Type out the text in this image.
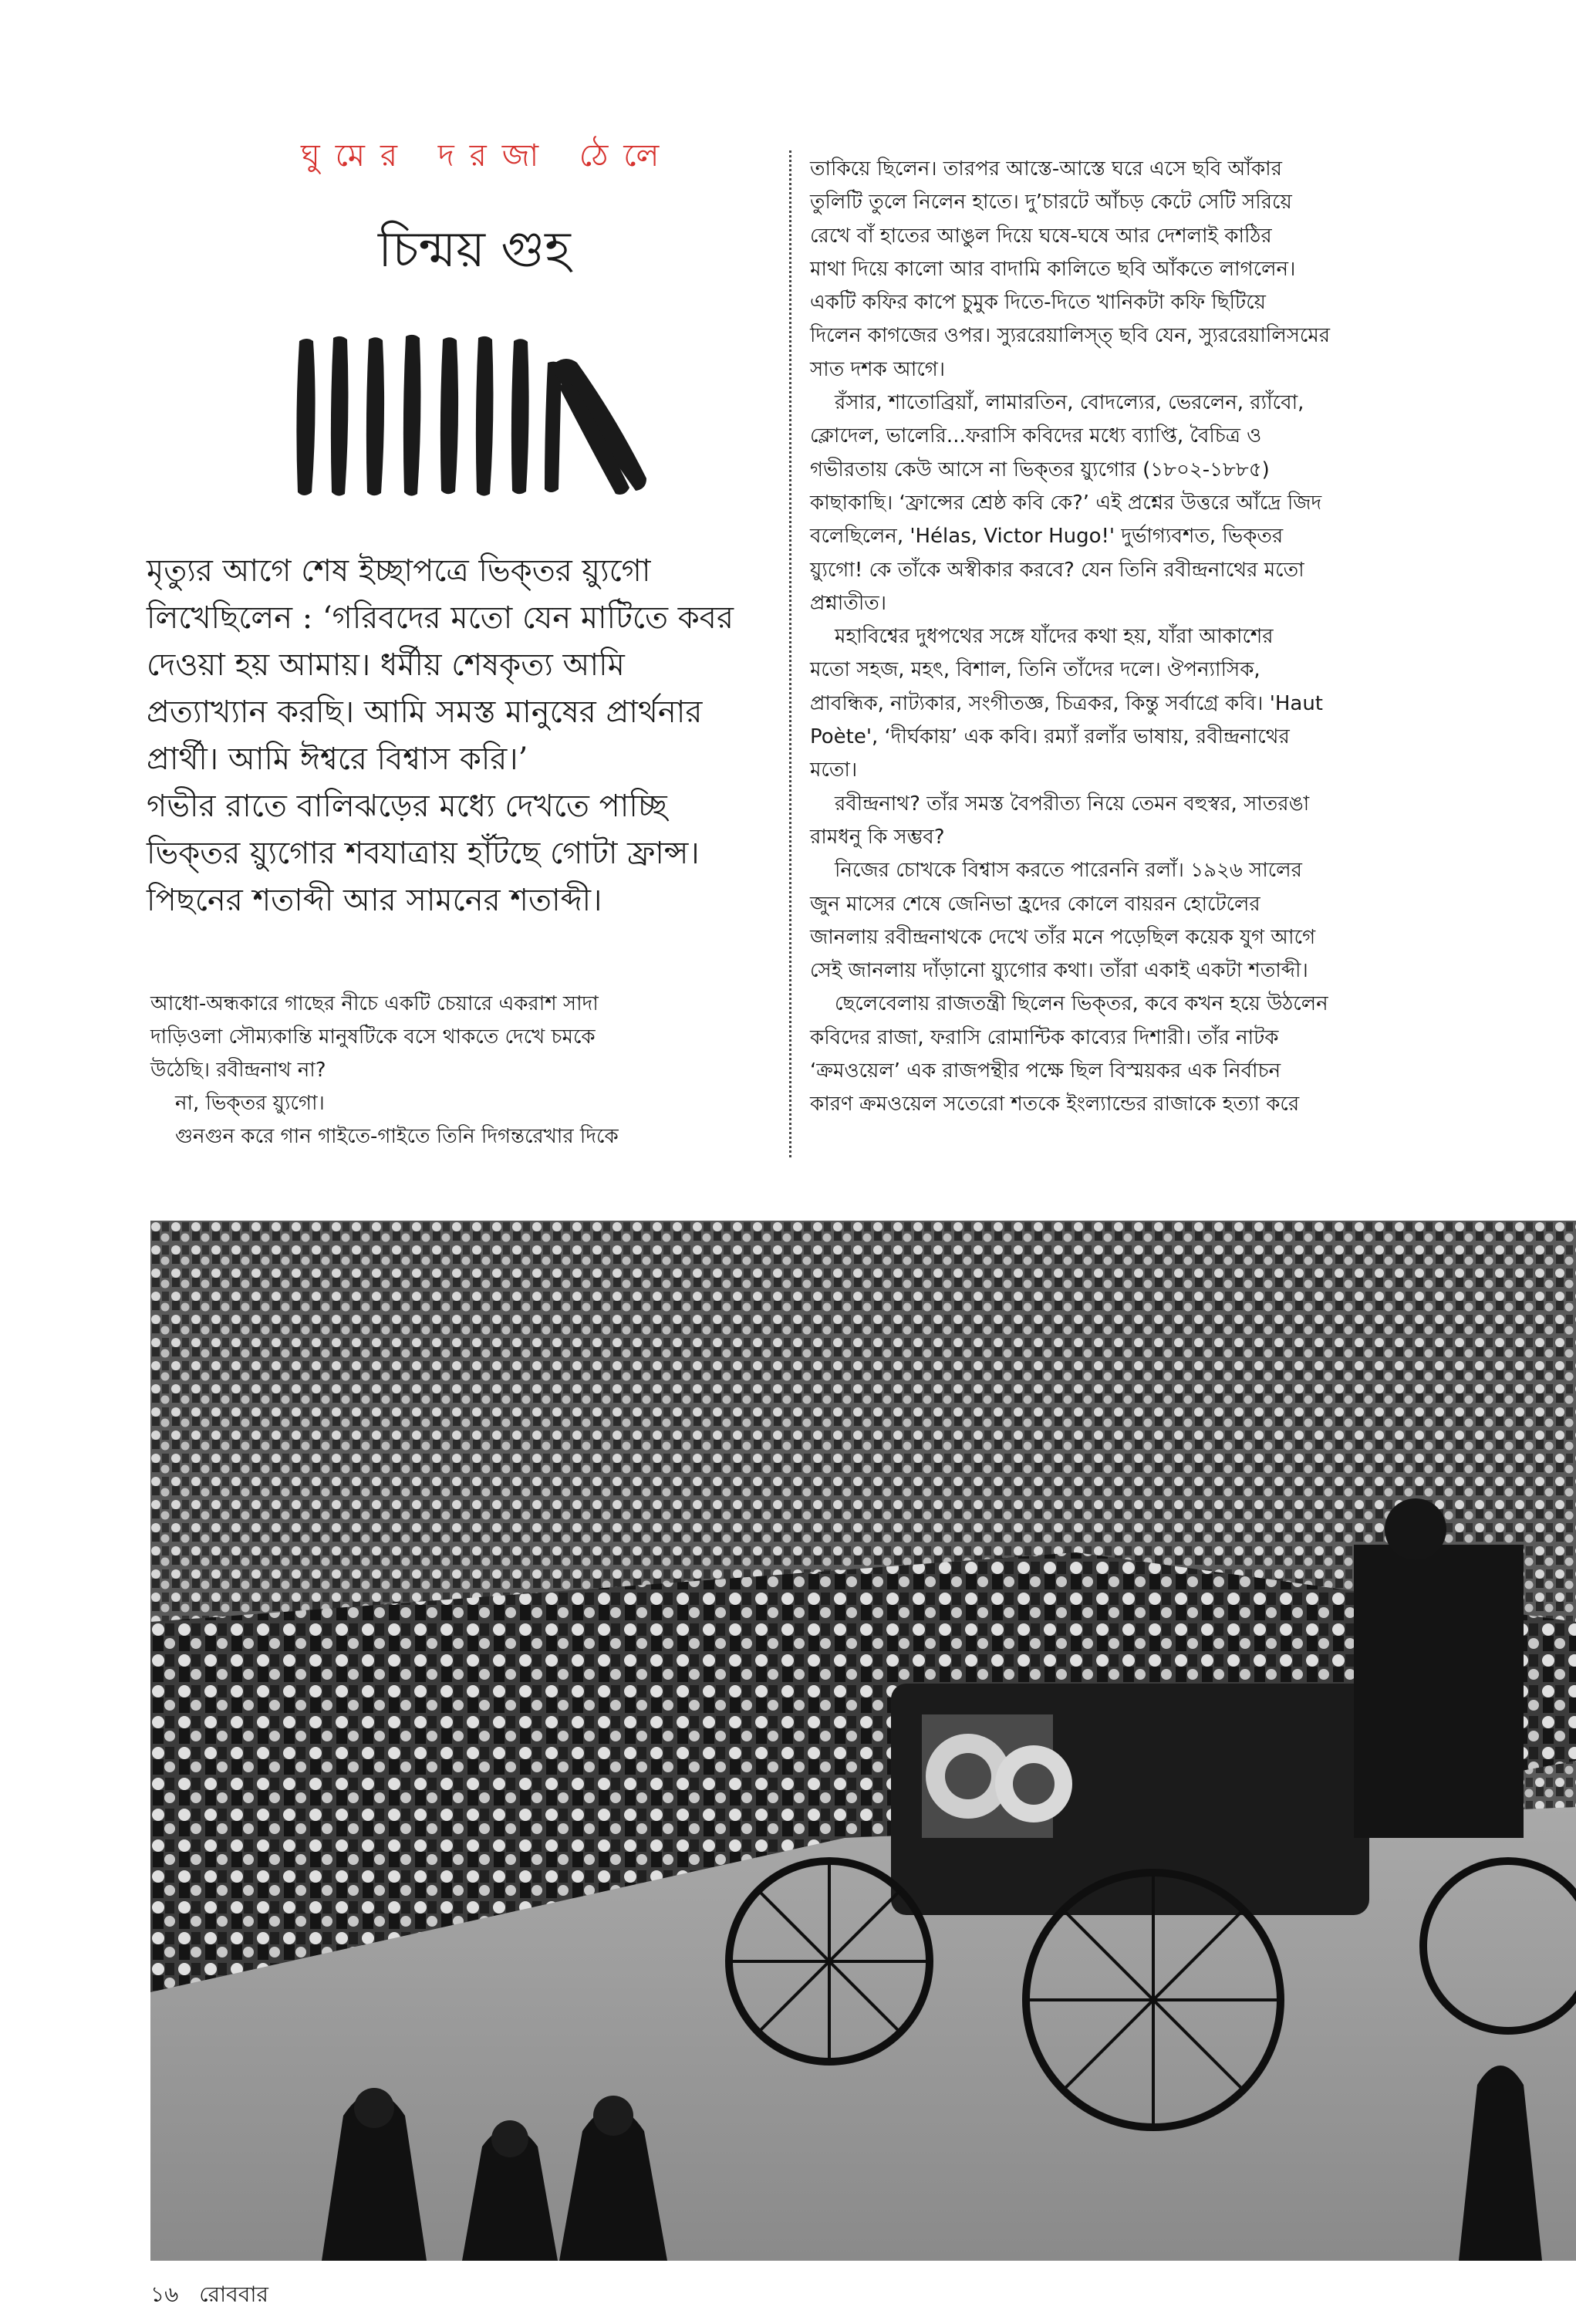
ঘুমের দরজা ঠেলে
চিন্ময় গুহ

মৃত্যুর আগে শেষ ইচ্ছাপত্রে ভিক্‌তর য়্যুগো

লিখেছিলেন : ‘গরিবদের মতো যেন মাটিতে কবর

দেওয়া হয় আমায়। ধর্মীয় শেষকৃত্য আমি

প্রত্যাখ্যান করছি। আমি সমস্ত মানুষের প্রার্থনার

প্রার্থী। আমি ঈশ্বরে বিশ্বাস করি।’

গভীর রাতে বালিঝড়ের মধ্যে দেখতে পাচ্ছি

ভিক্‌তর য়্যুগোর শবযাত্রায় হাঁটছে গোটা ফ্রান্স।

পিছনের শতাব্দী আর সামনের শতাব্দী।

আধো-অন্ধকারে গাছের নীচে একটি চেয়ারে একরাশ সাদা

দাড়িওলা সৌম্যকান্তি মানুষটিকে বসে থাকতে দেখে চমকে

উঠেছি। রবীন্দ্রনাথ না?

না, ভিক্‌তর য়্যুগো।

গুনগুন করে গান গাইতে-গাইতে তিনি দিগন্তরেখার দিকে

তাকিয়ে ছিলেন। তারপর আস্তে-আস্তে ঘরে এসে ছবি আঁকার

তুলিটি তুলে নিলেন হাতে। দু’চারটে আঁচড় কেটে সেটি সরিয়ে

রেখে বাঁ হাতের আঙুল দিয়ে ঘষে-ঘষে আর দেশলাই কাঠির

মাথা দিয়ে কালো আর বাদামি কালিতে ছবি আঁকতে লাগলেন।

একটি কফির কাপে চুমুক দিতে-দিতে খানিকটা কফি ছিটিয়ে

দিলেন কাগজের ওপর। স্যুররেয়ালিস্ত্‌ ছবি যেন, স্যুররেয়ালিসমের

সাত দশক আগে।

রঁসার, শাতোব্রিয়াঁ, লামারতিন, বোদল্যের, ভেরলেন, র‍্যাঁবো,

ক্লোদেল, ভালেরি...ফরাসি কবিদের মধ্যে ব্যাপ্তি, বৈচিত্র ও

গভীরতায় কেউ আসে না ভিক্‌তর য়্যুগোর (১৮০২-১৮৮৫)

কাছাকাছি। ‘ফ্রান্সের শ্রেষ্ঠ কবি কে?’ এই প্রশ্নের উত্তরে আঁদ্রে জিদ

বলেছিলেন, 'Hélas, Victor Hugo!' দুর্ভাগ্যবশত, ভিক্‌তর

য়্যুগো! কে তাঁকে অস্বীকার করবে? যেন তিনি রবীন্দ্রনাথের মতো

প্রশ্নাতীত।

মহাবিশ্বের দুধপথের সঙ্গে যাঁদের কথা হয়, যাঁরা আকাশের

মতো সহজ, মহৎ, বিশাল, তিনি তাঁদের দলে। ঔপন্যাসিক,

প্রাবন্ধিক, নাট্যকার, সংগীতজ্ঞ, চিত্রকর, কিন্তু সর্বাগ্রে কবি। 'Haut

Poète', ‘দীর্ঘকায়’ এক কবি। রম্যাঁ রলাঁর ভাষায়, রবীন্দ্রনাথের

মতো।

রবীন্দ্রনাথ? তাঁর সমস্ত বৈপরীত্য নিয়ে তেমন বহুস্বর, সাতরঙা

রামধনু কি সম্ভব?

নিজের চোখকে বিশ্বাস করতে পারেননি রলাঁ। ১৯২৬ সালের

জুন মাসের শেষে জেনিভা হ্রদের কোলে বায়রন হোটেলের

জানলায় রবীন্দ্রনাথকে দেখে তাঁর মনে পড়েছিল কয়েক যুগ আগে

সেই জানলায় দাঁড়ানো য়্যুগোর কথা। তাঁরা একাই একটা শতাব্দী।

ছেলেবেলায় রাজতন্ত্রী ছিলেন ভিক্‌তর, কবে কখন হয়ে উঠলেন

কবিদের রাজা, ফরাসি রোমান্টিক কাব্যের দিশারী। তাঁর নাটক

‘ক্রমওয়েল’ এক রাজপন্থীর পক্ষে ছিল বিস্ময়কর এক নির্বাচন

কারণ ক্রমওয়েল সতেরো শতকে ইংল্যান্ডের রাজাকে হত্যা করে

১৬ রোববার
